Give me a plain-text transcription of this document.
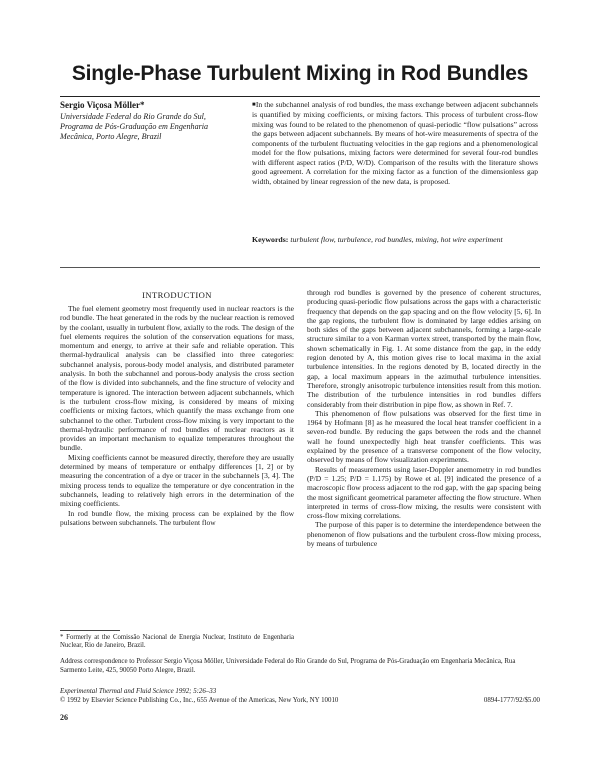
Single-Phase Turbulent Mixing in Rod Bundles
Sergio Viçosa Möller*
Universidade Federal do Rio Grande do Sul, Programa de Pós-Graduação em Engenharia Mecânica, Porto Alegre, Brazil
■In the subchannel analysis of rod bundles, the mass exchange between adjacent subchannels is quantified by mixing coefficients, or mixing factors. This process of turbulent cross-flow mixing was found to be related to the phenomenon of quasi-periodic “flow pulsations” across the gaps between adjacent subchannels. By means of hot-wire measurements of spectra of the components of the turbulent fluctuating velocities in the gap regions and a phenomenological model for the flow pulsations, mixing factors were determined for several four-rod bundles with different aspect ratios (P/D, W/D). Comparison of the results with the literature shows good agreement. A correlation for the mixing factor as a function of the dimensionless gap width, obtained by linear regression of the new data, is proposed.
Keywords: turbulent flow, turbulence, rod bundles, mixing, hot wire experiment
INTRODUCTION

The fuel element geometry most frequently used in nuclear reactors is the rod bundle. The heat generated in the rods by the nuclear reaction is removed by the coolant, usually in turbulent flow, axially to the rods. The design of the fuel elements requires the solution of the conservation equations for mass, momentum and energy, to arrive at their safe and reliable operation. This thermal-hydraulical analysis can be classified into three categories: subchannel analysis, porous-body model analysis, and distributed parameter analysis. In both the subchannel and porous-body analysis the cross section of the flow is divided into subchannels, and the fine structure of velocity and temperature is ignored. The interaction between adjacent subchannels, which is the turbulent cross-flow mixing, is considered by means of mixing coefficients or mixing factors, which quantify the mass exchange from one subchannel to the other. Turbulent cross-flow mixing is very important to the thermal-hydraulic performance of rod bundles of nuclear reactors as it provides an important mechanism to equalize temperatures throughout the bundle.

Mixing coefficients cannot be measured directly, therefore they are usually determined by means of temperature or enthalpy differences [1, 2] or by measuring the concentration of a dye or tracer in the subchannels [3, 4]. The mixing process tends to equalize the temperature or dye concentration in the subchannels, leading to relatively high errors in the determination of the mixing coefficients.

In rod bundle flow, the mixing process can be explained by the flow pulsations between subchannels. The turbulent flow

through rod bundles is governed by the presence of coherent structures, producing quasi-periodic flow pulsations across the gaps with a characteristic frequency that depends on the gap spacing and on the flow velocity [5, 6]. In the gap regions, the turbulent flow is dominated by large eddies arising on both sides of the gaps between adjacent subchannels, forming a large-scale structure similar to a von Karman vortex street, transported by the main flow, shown schematically in Fig. 1. At some distance from the gap, in the eddy region denoted by A, this motion gives rise to local maxima in the axial turbulence intensities. In the regions denoted by B, located directly in the gap, a local maximum appears in the azimuthal turbulence intensities. Therefore, strongly anisotropic turbulence intensities result from this motion. The distribution of the turbulence intensities in rod bundles differs considerably from their distribution in pipe flow, as shown in Ref. 7.

This phenomenon of flow pulsations was observed for the first time in 1964 by Hofmann [8] as he measured the local heat transfer coefficient in a seven-rod bundle. By reducing the gaps between the rods and the channel wall he found unexpectedly high heat transfer coefficients. This was explained by the presence of a transverse component of the flow velocity, observed by means of flow visualization experiments.

Results of measurements using laser-Doppler anemometry in rod bundles (P/D = 1.25; P/D = 1.175) by Rowe et al. [9] indicated the presence of a macroscopic flow process adjacent to the rod gap, with the gap spacing being the most significant geometrical parameter affecting the flow structure. When interpreted in terms of cross-flow mixing, the results were consistent with cross-flow mixing correlations.

The purpose of this paper is to determine the interdependence between the phenomenon of flow pulsations and the turbulent cross-flow mixing process, by means of turbulence

* Formerly at the Comissão Nacional de Energia Nuclear, Instituto de Engenharia Nuclear, Rio de Janeiro, Brazil.
Address correspondence to Professor Sergio Viçosa Möller, Universidade Federal do Rio Grande do Sul, Programa de Pós-Graduação em Engenharia Mecânica, Rua Sarmento Leite, 425, 90050 Porto Alegre, Brazil.
Experimental Thermal and Fluid Science 1992; 5:26–33
© 1992 by Elsevier Science Publishing Co., Inc., 655 Avenue of the Americas, New York, NY 10010	0894-1777/92/$5.00
26
